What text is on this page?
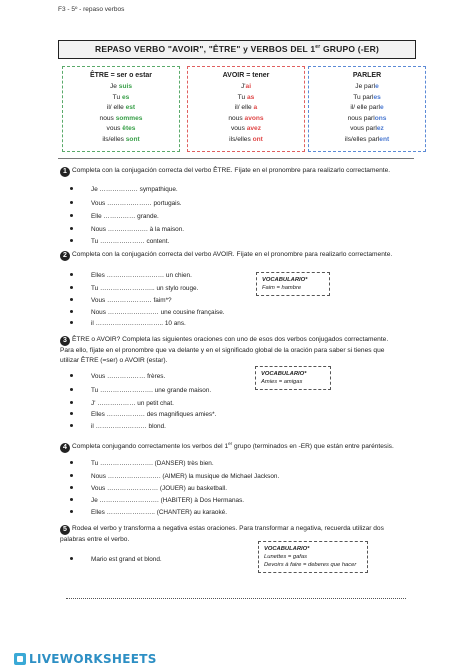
F3 - 5º - repaso verbos
REPASO VERBO "AVOIR", "ÊTRE" y VERBOS DEL 1er GRUPO (-ER)
ÊTRE = ser o estar
Je suis
Tu es
il/ elle est
nous sommes
vous êtes
ils/elles sont
AVOIR = tener
J'ai
Tu as
il/ elle a
nous avons
vous avez
ils/elles ont
PARLER
Je parle
Tu parles
il/ elle parle
nous parlons
vous parlez
ils/elles parlent
1 Completa con la conjugación correcta del verbo ÊTRE. Fíjate en el pronombre para realizarlo correctamente.
Je ……………… sympathique.
Vous ………………… portugais.
Elle …………… grande.
Nous ………………. à la maison.
Tu ………………… content.
2 Completa con la conjugación correcta del verbo AVOIR. Fíjate en el pronombre para realizarlo correctamente.
Elles ……………………… un chien.
Tu …………………….. un stylo rouge.
Vous ………………… faim*?
Nous …………………… une cousine française.
il ………………………….. 10 ans.
VOCABULARIO*
Faim = hambre
3 ÊTRE o AVOIR? Completa las siguientes oraciones con uno de esos dos verbos conjugados correctamente.
Para ello, fíjate en el pronombre que va delante y en el significado global de la oración para saber si tienes que
utilizar ÊTRE (=ser) o AVOIR (estar).
Vous ……………… frères.
Tu ……………………. une grande maison.
J' ……………… un petit chat.
Elles ……………… des magnifiques amies*.
il …………………… blond.
VOCABULARIO*
Amies = amigas
4 Completa conjugando correctamente los verbos del 1er grupo (terminados en -ER) que están entre paréntesis.
Tu ……………………. (DANSER) très bien.
Nous ……………………. (AIMER) la musique de Michael Jackson.
Vous …………………… (JOUER) au basketball.
Je ………………………. (HABITER) à Dos Hermanas.
Elles ………………….. (CHANTER) au karaoké.
5 Rodea el verbo y transforma a negativa estas oraciones. Para transformar a negativa, recuerda utilizar dos
palabras entre el verbo.
VOCABULARIO*
Lunettes = gafas
Devoirs à faire = deberes que hacer
Mario est grand et blond.
LIVEWORKSHEETS
